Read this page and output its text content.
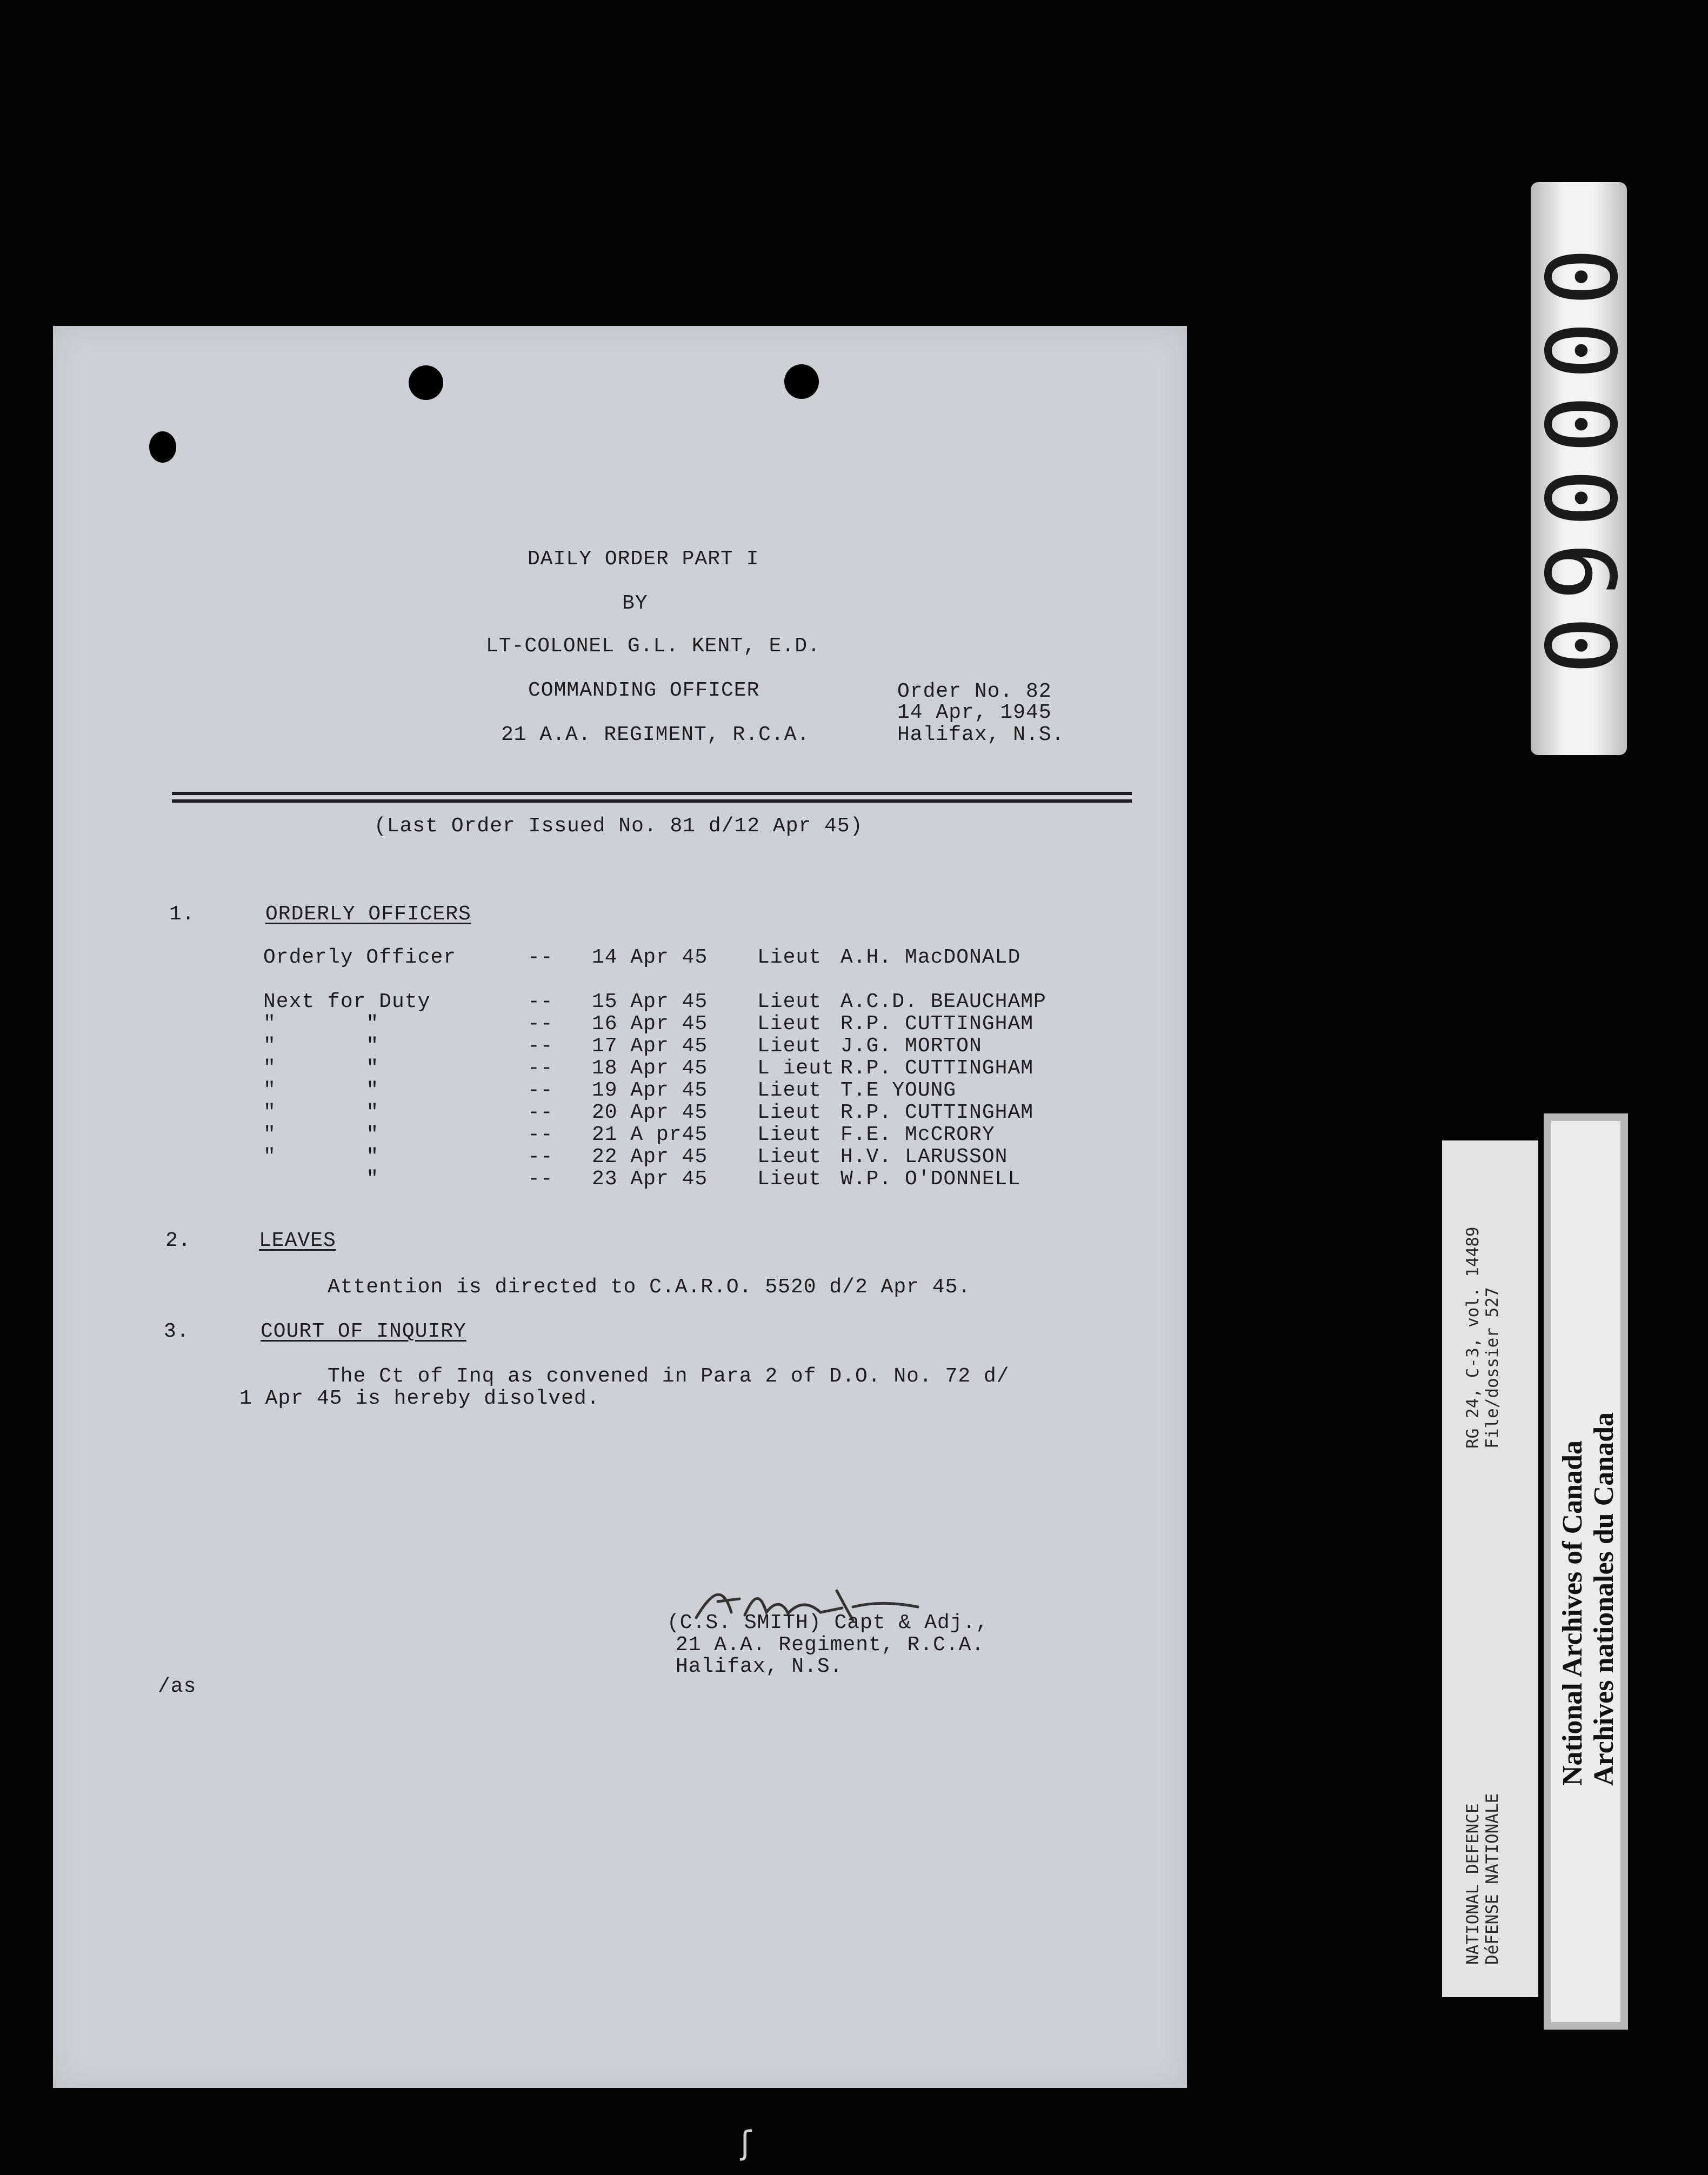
DAILY ORDER PART I
BY
LT-COLONEL G.L. KENT, E.D.
COMMANDING OFFICER
21 A.A. REGIMENT, R.C.A.
Order No. 82
14 Apr, 1945
Halifax, N.S.
(Last Order Issued No. 81 d/12 Apr 45)
1.	ORDERLY OFFICERS
Orderly Officer	-- 14 Apr 45 Lieut A.H. MacDONALD
Next for Duty	-- 15 Apr 45 Lieut A.C.D. BEAUCHAMP
"       "	-- 16 Apr 45 Lieut R.P. CUTTINGHAM
"       "	-- 17 Apr 45 Lieut J.G. MORTON
"       "	-- 18 Apr 45 L ieut R.P. CUTTINGHAM
"       "	-- 19 Apr 45 Lieut T.E YOUNG
"       "	-- 20 Apr 45 Lieut R.P. CUTTINGHAM
"       "	-- 21 A pr45 Lieut F.E. McCRORY
"       "	-- 22 Apr 45 Lieut H.V. LARUSSON
"	-- 23 Apr 45 Lieut W.P. O'DONNELL
2.	LEAVES
Attention is directed to C.A.R.O. 5520 d/2 Apr 45.
3.	COURT OF INQUIRY
The Ct of Inq as convened in Para 2 of D.O. No. 72 d/
1 Apr 45 is hereby disolved.
(C.S. SMITH) Capt & Adj.,
21 A.A. Regiment, R.C.A.
Halifax, N.S.
/as
000060
NATIONAL DEFENCE DéFENSE NATIONALE
RG 24, C-3, vol. 14489 File/dossier 527
National Archives of Canada Archives nationales du Canada
ʃ
